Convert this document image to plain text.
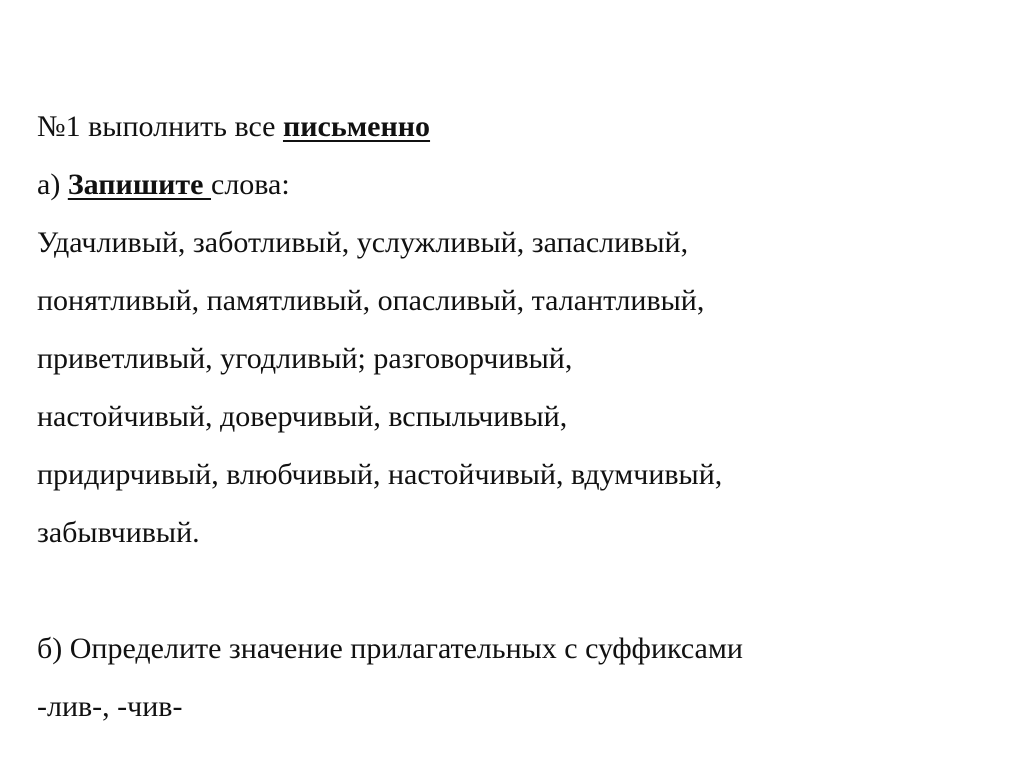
№1 выполнить все письменно
а) Запишите слова:
Удачливый, заботливый, услужливый, запасливый,
понятливый, памятливый, опасливый, талантливый,
приветливый, угодливый; разговорчивый,
настойчивый, доверчивый, вспыльчивый,
придирчивый, влюбчивый, настойчивый, вдумчивый,
забывчивый.
б) Определите значение прилагательных с суффиксами
-лив-, -чив-
